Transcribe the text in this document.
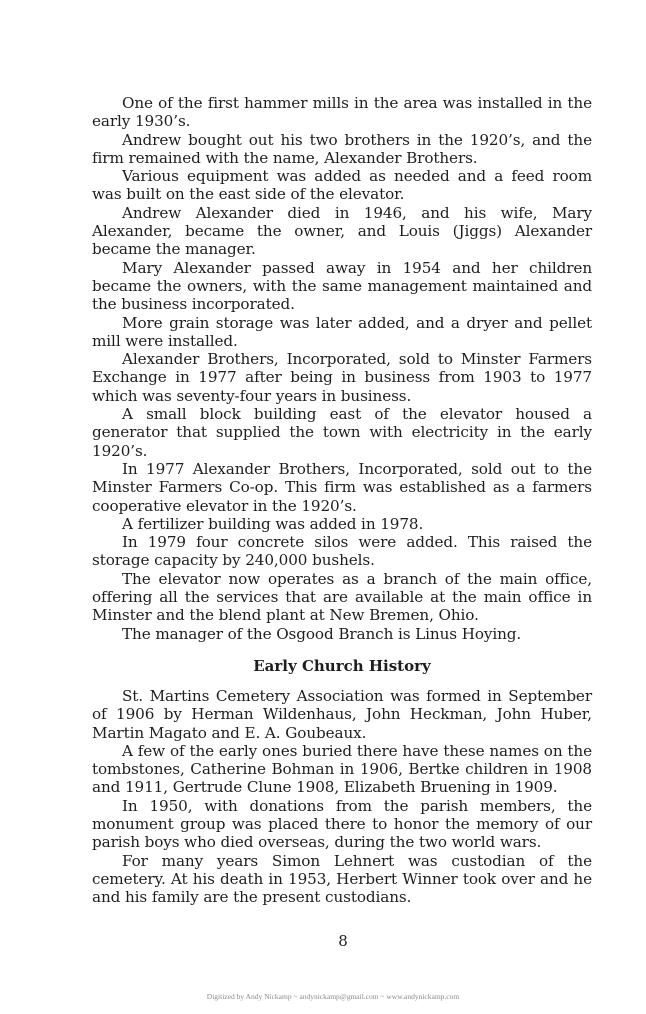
One of the first hammer mills in the area was installed in the early 1930’s.

Andrew bought out his two brothers in the 1920’s, and the firm remained with the name, Alexander Brothers.

Various equipment was added as needed and a feed room was built on the east side of the elevator.

Andrew Alexander died in 1946, and his wife, Mary Alexander, became the owner, and Louis (Jiggs) Alexander became the manager.

Mary Alexander passed away in 1954 and her children became the owners, with the same management maintained and the business incorporated.

More grain storage was later added, and a dryer and pellet mill were installed.

Alexander Brothers, Incorporated, sold to Minster Farmers Exchange in 1977 after being in business from 1903 to 1977 which was seventy-four years in business.

A small block building east of the elevator housed a generator that supplied the town with electricity in the early 1920’s.

In 1977 Alexander Brothers, Incorporated, sold out to the Minster Farmers Co-op. This firm was established as a farmers cooperative elevator in the 1920’s.

A fertilizer building was added in 1978.

In 1979 four concrete silos were added. This raised the storage capacity by 240,000 bushels.

The elevator now operates as a branch of the main office, offering all the services that are available at the main office in Minster and the blend plant at New Bremen, Ohio.

The manager of the Osgood Branch is Linus Hoying.

Early Church History

St. Martins Cemetery Association was formed in September of 1906 by Herman Wildenhaus, John Heckman, John Huber, Martin Magato and E. A. Goubeaux.

A few of the early ones buried there have these names on the tombstones, Catherine Bohman in 1906, Bertke children in 1908 and 1911, Gertrude Clune 1908, Elizabeth Bruening in 1909.

In 1950, with donations from the parish members, the monument group was placed there to honor the memory of our parish boys who died overseas, during the two world wars.

For many years Simon Lehnert was custodian of the cemetery. At his death in 1953, Herbert Winner took over and he and his family are the present custodians.

8
Digitized by Andy Nickamp ~ andynickamp@gmail.com ~ www.andynickamp.com
